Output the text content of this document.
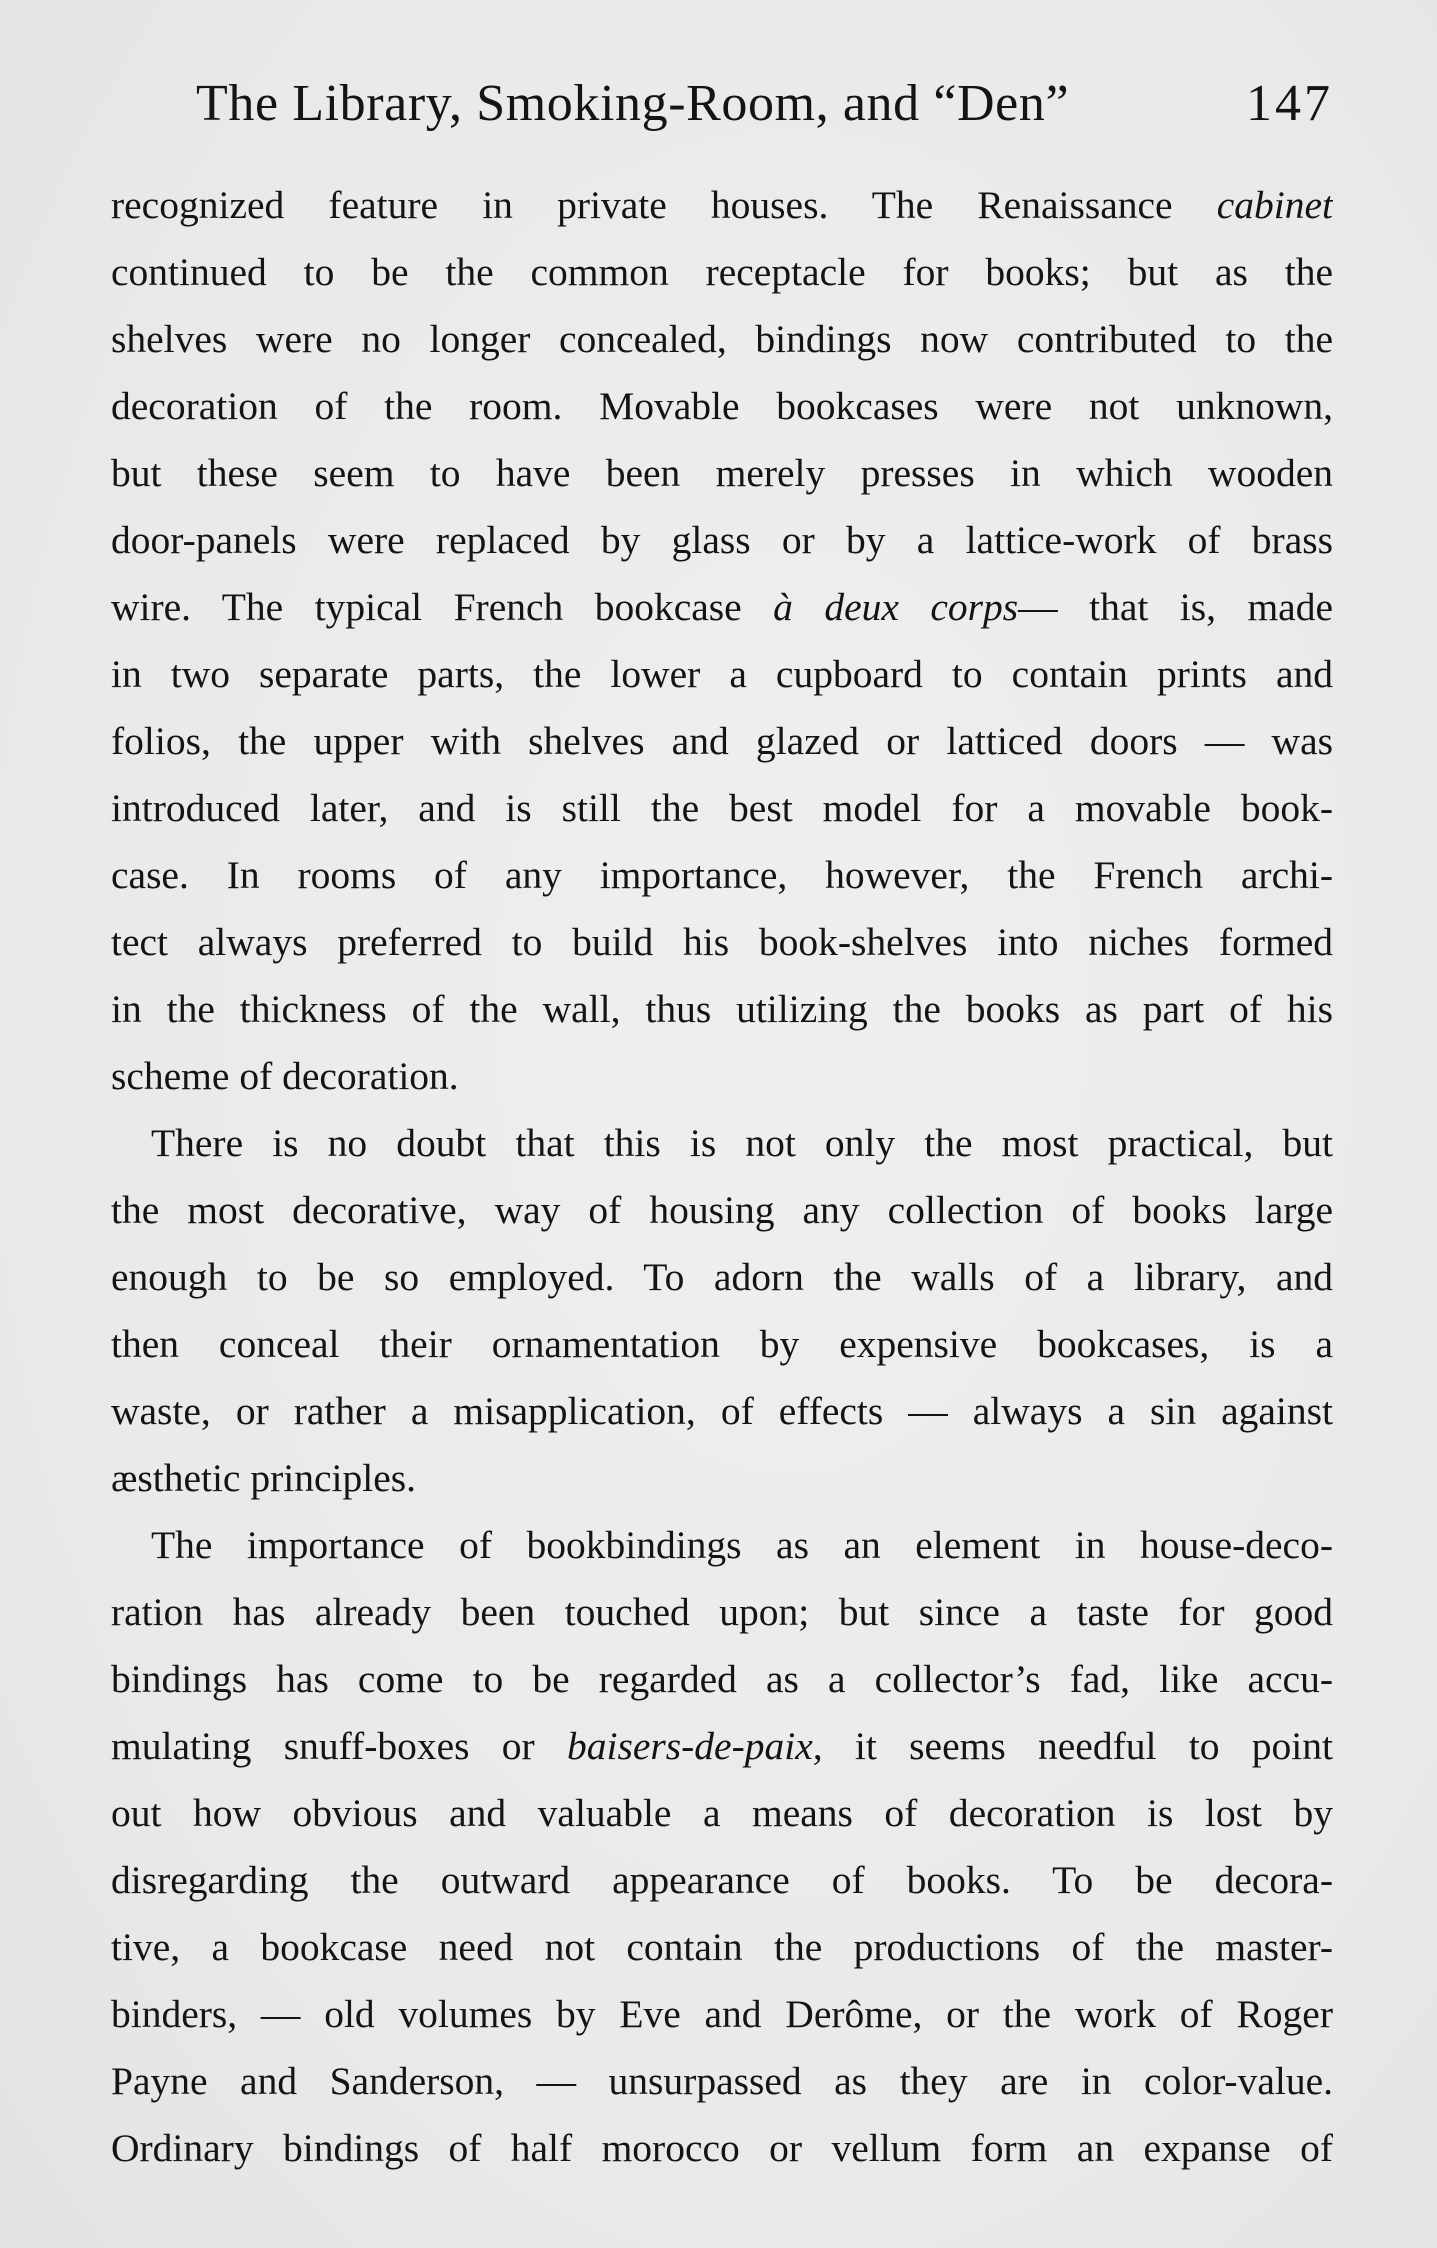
The Library, Smoking-Room, and “Den”	147
recognized feature in private houses. The Renaissance cabinet
continued to be the common receptacle for books; but as the
shelves were no longer concealed, bindings now contributed to the
decoration of the room. Movable bookcases were not unknown,
but these seem to have been merely presses in which wooden
door-panels were replaced by glass or by a lattice-work of brass
wire. The typical French bookcase à deux corps— that is, made
in two separate parts, the lower a cupboard to contain prints and
folios, the upper with shelves and glazed or latticed doors — was
introduced later, and is still the best model for a movable book-
case. In rooms of any importance, however, the French archi-
tect always preferred to build his book-shelves into niches formed
in the thickness of the wall, thus utilizing the books as part of his
scheme of decoration.
There is no doubt that this is not only the most practical, but
the most decorative, way of housing any collection of books large
enough to be so employed. To adorn the walls of a library, and
then conceal their ornamentation by expensive bookcases, is a
waste, or rather a misapplication, of effects — always a sin against
æsthetic principles.
The importance of bookbindings as an element in house-deco-
ration has already been touched upon; but since a taste for good
bindings has come to be regarded as a collector’s fad, like accu-
mulating snuff-boxes or baisers-de-paix, it seems needful to point
out how obvious and valuable a means of decoration is lost by
disregarding the outward appearance of books. To be decora-
tive, a bookcase need not contain the productions of the master-
binders, — old volumes by Eve and Derôme, or the work of Roger
Payne and Sanderson, — unsurpassed as they are in color-value.
Ordinary bindings of half morocco or vellum form an expanse of
